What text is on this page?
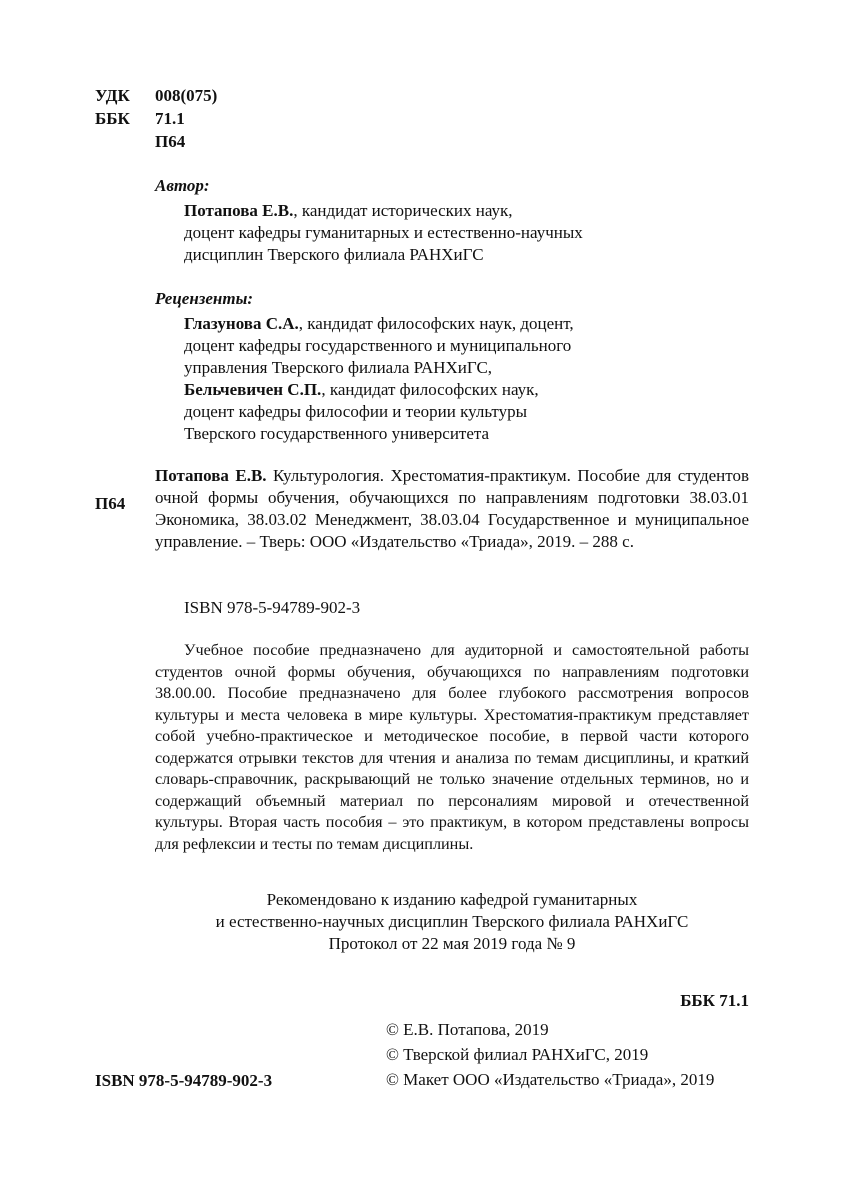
УДК 008(075)
ББК 71.1
П64
Автор:
Потапова Е.В., кандидат исторических наук,
доцент кафедры гуманитарных и естественно-научных
дисциплин Тверского филиала РАНХиГС
Рецензенты:
Глазунова С.А., кандидат философских наук, доцент,
доцент кафедры государственного и муниципального
управления Тверского филиала РАНХиГС,
Бельчевичен С.П., кандидат философских наук,
доцент кафедры философии и теории культуры
Тверского государственного университета
П64
Потапова Е.В. Культурология. Хрестоматия-практикум. Пособие для студентов очной формы обучения, обучающихся по направлениям подготовки 38.03.01 Экономика, 38.03.02 Менеджмент, 38.03.04 Государственное и муниципальное управление. – Тверь: ООО «Издательство «Триада», 2019. – 288 с.
ISBN 978-5-94789-902-3
Учебное пособие предназначено для аудиторной и самостоятельной работы студентов очной формы обучения, обучающихся по направлениям подготовки 38.00.00. Пособие предназначено для более глубокого рассмотрения вопросов культуры и места человека в мире культуры. Хрестоматия-практикум представляет собой учебно-практическое и методическое пособие, в первой части которого содержатся отрывки текстов для чтения и анализа по темам дисциплины, и краткий словарь-справочник, раскрывающий не только значение отдельных терминов, но и содержащий объемный материал по персоналиям мировой и отечественной культуры. Вторая часть пособия – это практикум, в котором представлены вопросы для рефлексии и тесты по темам дисциплины.
Рекомендовано к изданию кафедрой гуманитарных
и естественно-научных дисциплин Тверского филиала РАНХиГС
Протокол от 22 мая 2019 года № 9
ББК 71.1
© Е.В. Потапова, 2019
© Тверской филиал РАНХиГС, 2019
© Макет ООО «Издательство «Триада», 2019
ISBN 978-5-94789-902-3
